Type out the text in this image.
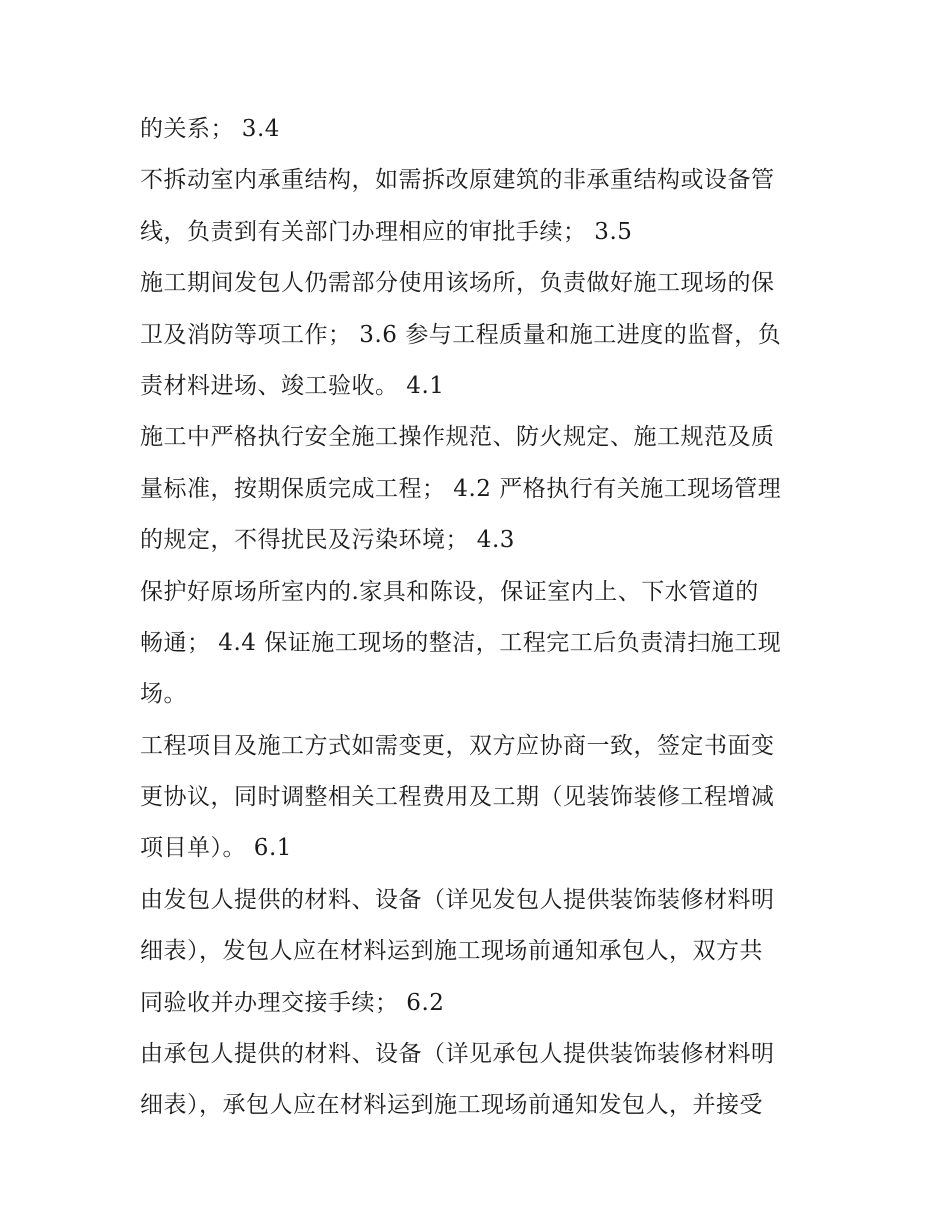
的关系； 3.4
不拆动室内承重结构，如需拆改原建筑的非承重结构或设备管
线，负责到有关部门办理相应的审批手续； 3.5
施工期间发包人仍需部分使用该场所，负责做好施工现场的保
卫及消防等项工作； 3.6 参与工程质量和施工进度的监督，负
责材料进场、竣工验收。 4.1
施工中严格执行安全施工操作规范、防火规定、施工规范及质
量标准，按期保质完成工程； 4.2 严格执行有关施工现场管理
的规定，不得扰民及污染环境； 4.3
保护好原场所室内的.家具和陈设，保证室内上、下水管道的
畅通； 4.4 保证施工现场的整洁，工程完工后负责清扫施工现
场。
工程项目及施工方式如需变更，双方应协商一致，签定书面变
更协议，同时调整相关工程费用及工期（见装饰装修工程增减
项目单）。 6.1
由发包人提供的材料、设备（详见发包人提供装饰装修材料明
细表），发包人应在材料运到施工现场前通知承包人，双方共
同验收并办理交接手续； 6.2
由承包人提供的材料、设备（详见承包人提供装饰装修材料明
细表），承包人应在材料运到施工现场前通知发包人，并接受
